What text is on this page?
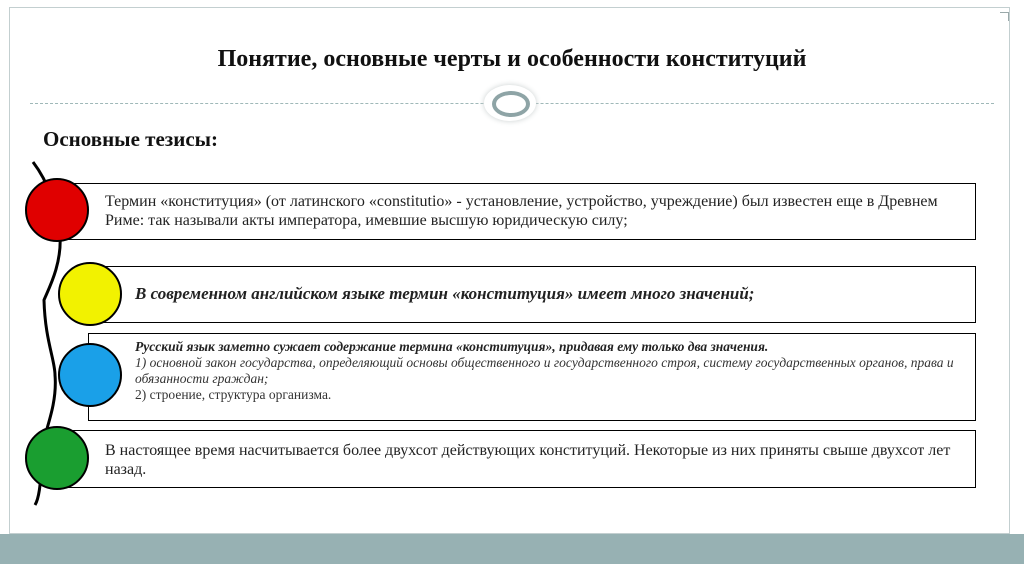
Понятие, основные черты и особенности конституций
Основные тезисы:
Термин «конституция» (от латинского «constitutio» - установление, устройство, учреждение) был известен еще в Древнем Риме: так называли акты императора, имевшие высшую юридическую силу;
В современном английском языке термин «конституция» имеет много значений;
Русский язык заметно сужает содержание термина «конституция», придавая ему только два значения.
1) основной закон государства, определяющий основы общественного и государственного строя, систему государственных органов, права и обязанности граждан;
2) строение, структура организма.
В настоящее время насчитывается более двухсот действующих конституций. Некоторые из них приняты свыше двухсот лет назад.
